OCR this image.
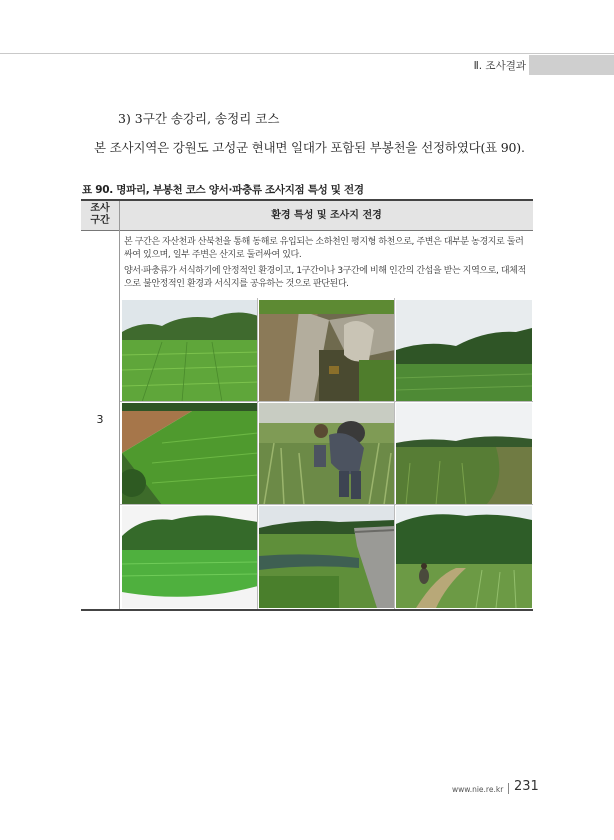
Ⅱ. 조사결과
3) 3구간 송강리, 송정리 코스
본 조사지역은 강원도 고성군 현내면 일대가 포함된 부봉천을 선정하였다(표 90).
표 90. 명파리, 부봉천 코스 양서·파충류 조사지점 특성 및 전경
조사
구간	환경 특성 및 조사지 전경
3

본 구간은 자산천과 산북천을 통해 동해로 유입되는 소하천인 평지형 하천으로, 주변은 대부분 농경지로 둘러싸여 있으며, 일부 주변은 산지로 둘러싸여 있다.

양서·파충류가 서식하기에 안정적인 환경이고, 1구간이나 3구간에 비해 인간의 간섭을 받는 지역으로, 대체적으로 불안정적인 환경과 서식지를 공유하는 것으로 판단된다.

www.nie.re.kr 231
